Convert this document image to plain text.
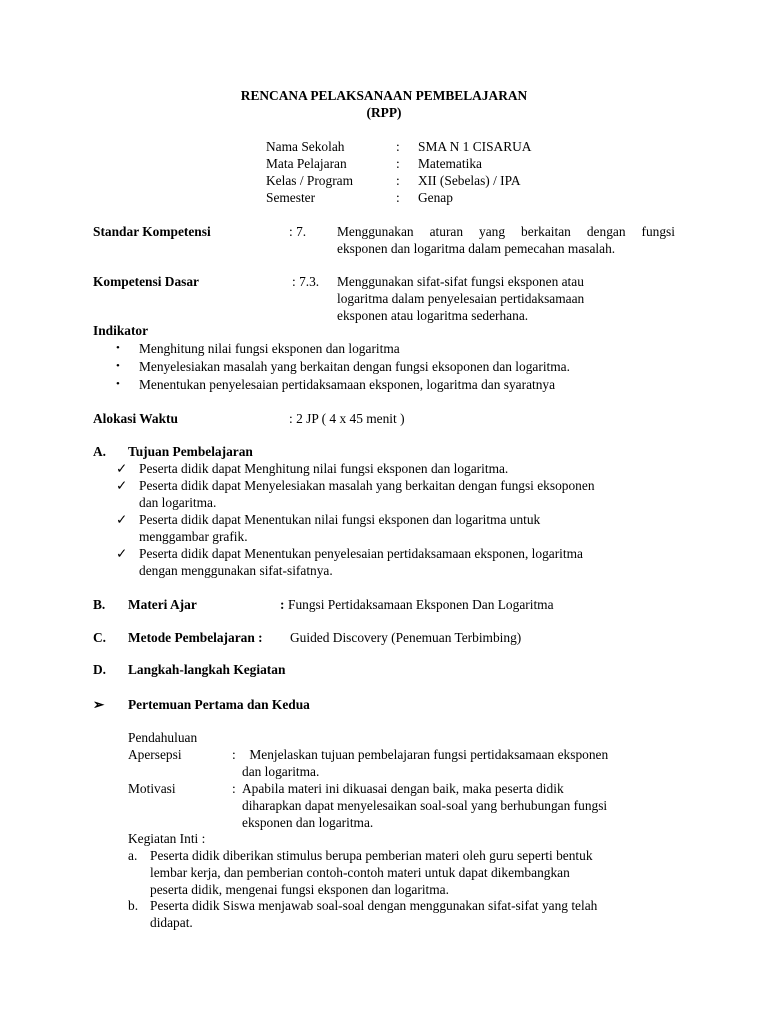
RENCANA PELAKSANAAN PEMBELAJARAN
(RPP)
Nama Sekolah	: SMA N 1 CISARUA
Mata Pelajaran	: Matematika
Kelas / Program	: XII (Sebelas) / IPA
Semester	: Genap
Standar Kompetensi	: 7. Menggunakan aturan yang berkaitan dengan fungsi
eksponen dan logaritma dalam pemecahan masalah.
Kompetensi Dasar	: 7.3. Menggunakan sifat-sifat fungsi eksponen atau
logaritma dalam penyelesaian pertidaksamaan
eksponen atau logaritma sederhana.
Indikator
• Menghitung nilai fungsi eksponen dan logaritma
• Menyelesiakan masalah yang berkaitan dengan fungsi eksoponen dan logaritma.
• Menentukan penyelesaian pertidaksamaan eksponen, logaritma dan syaratnya
Alokasi Waktu	: 2 JP ( 4 x 45 menit )
A. Tujuan Pembelajaran
✓ Peserta didik dapat Menghitung nilai fungsi eksponen dan logaritma.
✓ Peserta didik dapat Menyelesiakan masalah yang berkaitan dengan fungsi eksoponen
dan logaritma.
✓ Peserta didik dapat Menentukan nilai fungsi eksponen dan logaritma untuk
menggambar grafik.
✓ Peserta didik dapat Menentukan penyelesaian pertidaksamaan eksponen, logaritma
dengan menggunakan sifat-sifatnya.
B. Materi Ajar	: Fungsi Pertidaksamaan Eksponen Dan Logaritma
C. Metode Pembelajaran : Guided Discovery (Penemuan Terbimbing)
D. Langkah-langkah Kegiatan
➢ Pertemuan Pertama dan Kedua
Pendahuluan
Apersepsi	: Menjelaskan tujuan pembelajaran fungsi pertidaksamaan eksponen
dan logaritma.
Motivasi	: Apabila materi ini dikuasai dengan baik, maka peserta didik
diharapkan dapat menyelesaikan soal-soal yang berhubungan fungsi
eksponen dan logaritma.
Kegiatan Inti :
a. Peserta didik diberikan stimulus berupa pemberian materi oleh guru seperti bentuk
lembar kerja, dan pemberian contoh-contoh materi untuk dapat dikembangkan
peserta didik, mengenai fungsi eksponen dan logaritma.
b. Peserta didik Siswa menjawab soal-soal dengan menggunakan sifat-sifat yang telah
didapat.
